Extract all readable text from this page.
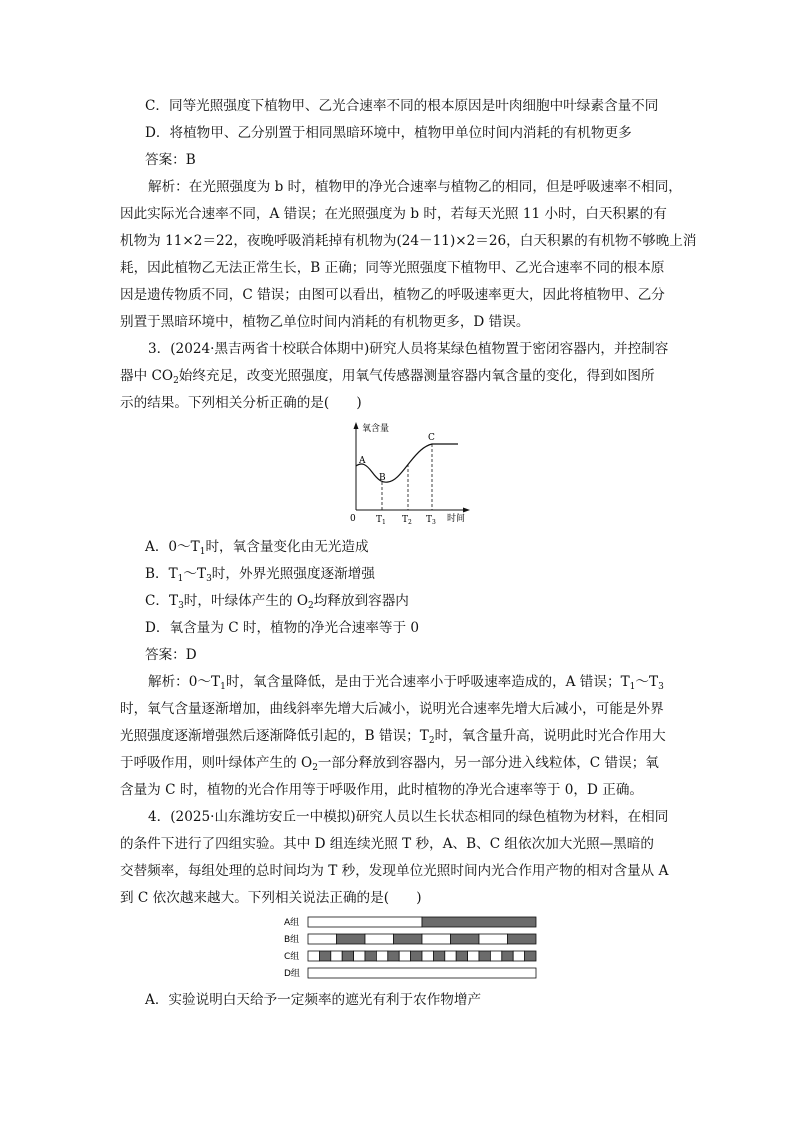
C．同等光照强度下植物甲、乙光合速率不同的根本原因是叶肉细胞中叶绿素含量不同
D．将植物甲、乙分别置于相同黑暗环境中，植物甲单位时间内消耗的有机物更多
答案：B
解析：在光照强度为 b 时，植物甲的净光合速率与植物乙的相同，但是呼吸速率不相同，
因此实际光合速率不同，A 错误；在光照强度为 b 时，若每天光照 11 小时，白天积累的有
机物为 11×2＝22，夜晚呼吸消耗掉有机物为(24－11)×2＝26，白天积累的有机物不够晚上消
耗，因此植物乙无法正常生长，B 正确；同等光照强度下植物甲、乙光合速率不同的根本原
因是遗传物质不同，C 错误；由图可以看出，植物乙的呼吸速率更大，因此将植物甲、乙分
别置于黑暗环境中，植物乙单位时间内消耗的有机物更多，D 错误。
3．(2024·黑吉两省十校联合体期中)研究人员将某绿色植物置于密闭容器内，并控制容
器中 $CO_2$始终充足，改变光照强度，用氧气传感器测量容器内氧含量的变化，得到如图所
示的结果。下列相关分析正确的是(　　)
氧含量
时间
0
A
B
C
$T_1$ $T_2$ $T_3$
A．$0\sim T_1$时，氧含量变化由无光造成
B．$T_1\sim T_3$时，外界光照强度逐渐增强
C．$T_3$时，叶绿体产生的 $O_2$均释放到容器内
D．氧含量为 C 时，植物的净光合速率等于 0
答案：D
解析：$0\sim T_1$时，氧含量降低，是由于光合速率小于呼吸速率造成的，A 错误；$T_1\sim T_3$
时，氧气含量逐渐增加，曲线斜率先增大后减小，说明光合速率先增大后减小，可能是外界
光照强度逐渐增强然后逐渐降低引起的，B 错误；$T_2$时，氧含量升高，说明此时光合作用大
于呼吸作用，则叶绿体产生的 $O_2$一部分释放到容器内，另一部分进入线粒体，C 错误；氧
含量为 C 时，植物的光合作用等于呼吸作用，此时植物的净光合速率等于 0，D 正确。
4．(2025·山东潍坊安丘一中模拟)研究人员以生长状态相同的绿色植物为材料，在相同
的条件下进行了四组实验。其中 D 组连续光照 T 秒，A、B、C 组依次加大光照—黑暗的
交替频率，每组处理的总时间均为 T 秒，发现单位光照时间内光合作用产物的相对含量从 A
到 C 依次越来越大。下列相关说法正确的是(　　)
A组
B组
C组
D组
A．实验说明白天给予一定频率的遮光有利于农作物增产
